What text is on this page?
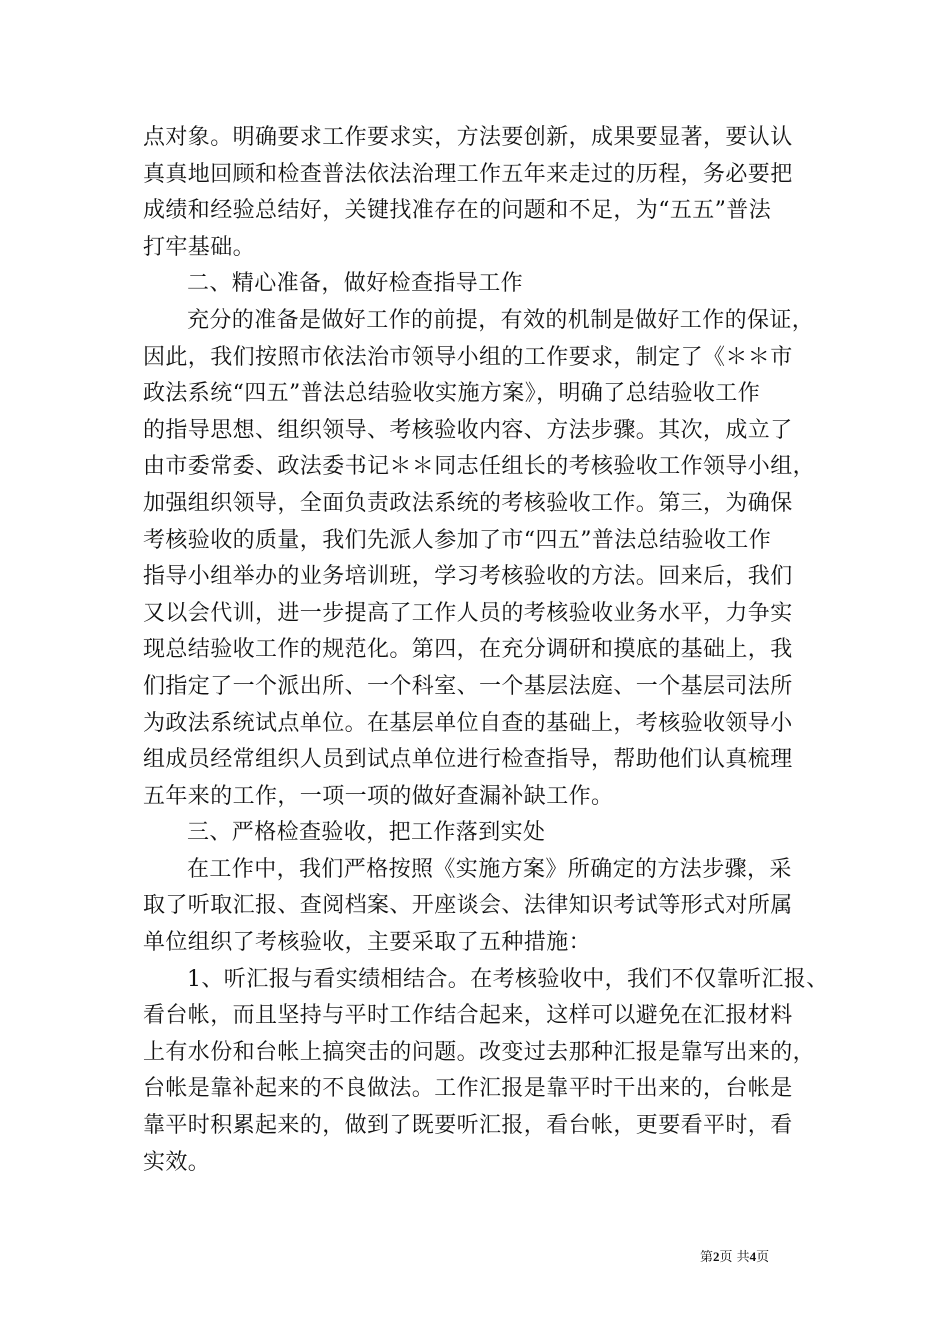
点对象。明确要求工作要求实，方法要创新，成果要显著，要认认
真真地回顾和检查普法依法治理工作五年来走过的历程，务必要把
成绩和经验总结好，关键找准存在的问题和不足，为“五五”普法
打牢基础。
二、精心准备，做好检查指导工作
充分的准备是做好工作的前提，有效的机制是做好工作的保证，
因此，我们按照市依法治市领导小组的工作要求，制定了《＊＊市
政法系统“四五”普法总结验收实施方案》，明确了总结验收工作
的指导思想、组织领导、考核验收内容、方法步骤。其次，成立了
由市委常委、政法委书记＊＊同志任组长的考核验收工作领导小组，
加强组织领导，全面负责政法系统的考核验收工作。第三，为确保
考核验收的质量，我们先派人参加了市“四五”普法总结验收工作
指导小组举办的业务培训班，学习考核验收的方法。回来后，我们
又以会代训，进一步提高了工作人员的考核验收业务水平，力争实
现总结验收工作的规范化。第四，在充分调研和摸底的基础上，我
们指定了一个派出所、一个科室、一个基层法庭、一个基层司法所
为政法系统试点单位。在基层单位自查的基础上，考核验收领导小
组成员经常组织人员到试点单位进行检查指导，帮助他们认真梳理
五年来的工作，一项一项的做好查漏补缺工作。
三、严格检查验收，把工作落到实处
在工作中，我们严格按照《实施方案》所确定的方法步骤，采
取了听取汇报、查阅档案、开座谈会、法律知识考试等形式对所属
单位组织了考核验收，主要采取了五种措施：
1、听汇报与看实绩相结合。在考核验收中，我们不仅靠听汇报、
看台帐，而且坚持与平时工作结合起来，这样可以避免在汇报材料
上有水份和台帐上搞突击的问题。改变过去那种汇报是靠写出来的，
台帐是靠补起来的不良做法。工作汇报是靠平时干出来的，台帐是
靠平时积累起来的，做到了既要听汇报，看台帐，更要看平时，看
实效。
第2页 共4页
